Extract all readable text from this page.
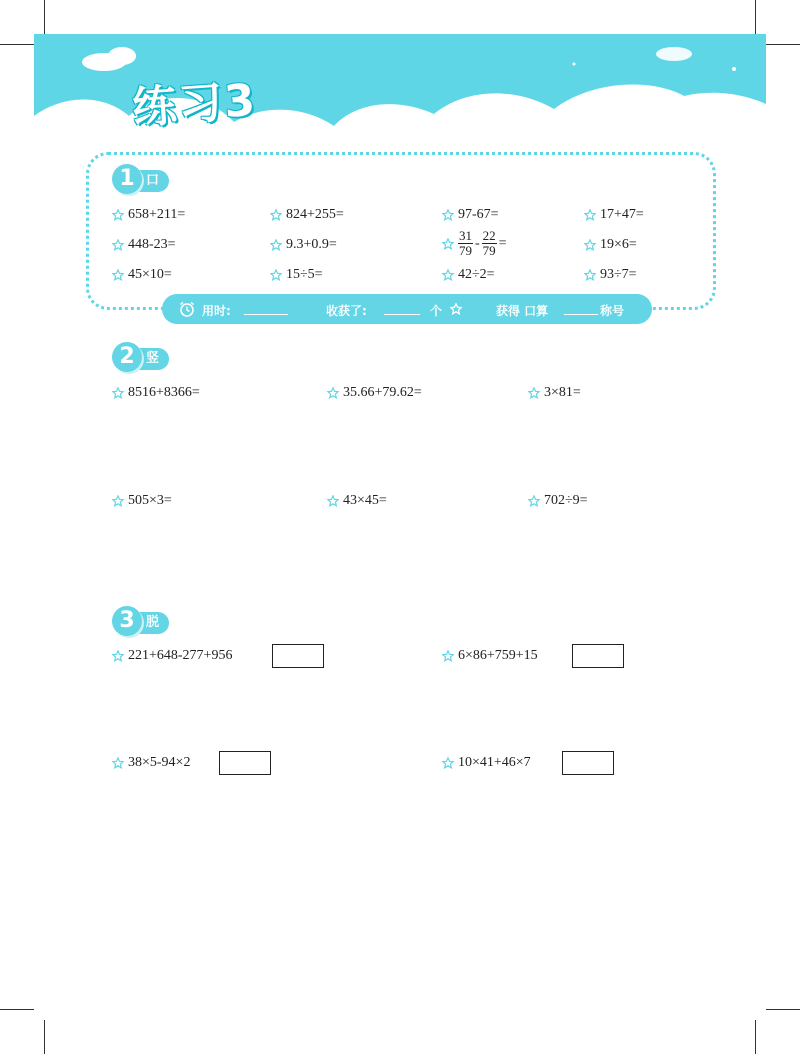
练习3
口算
1
658+211=	824+255=	97-67=	17+47=
448-23=	9.3+0.9=	$\frac{31}{79} - \frac{22}{79}$ =	19×6=
45×10=	15÷5=	42÷2=	93÷7=
用时:	收获了:	个	获得 口算	称号
竖式
2
8516+8366=	35.66+79.62=	3×81=
505×3=	43×45=	702÷9=
脱式计算
3
221+648-277+956	6×86+759+15
38×5-94×2	10×41+46×7
